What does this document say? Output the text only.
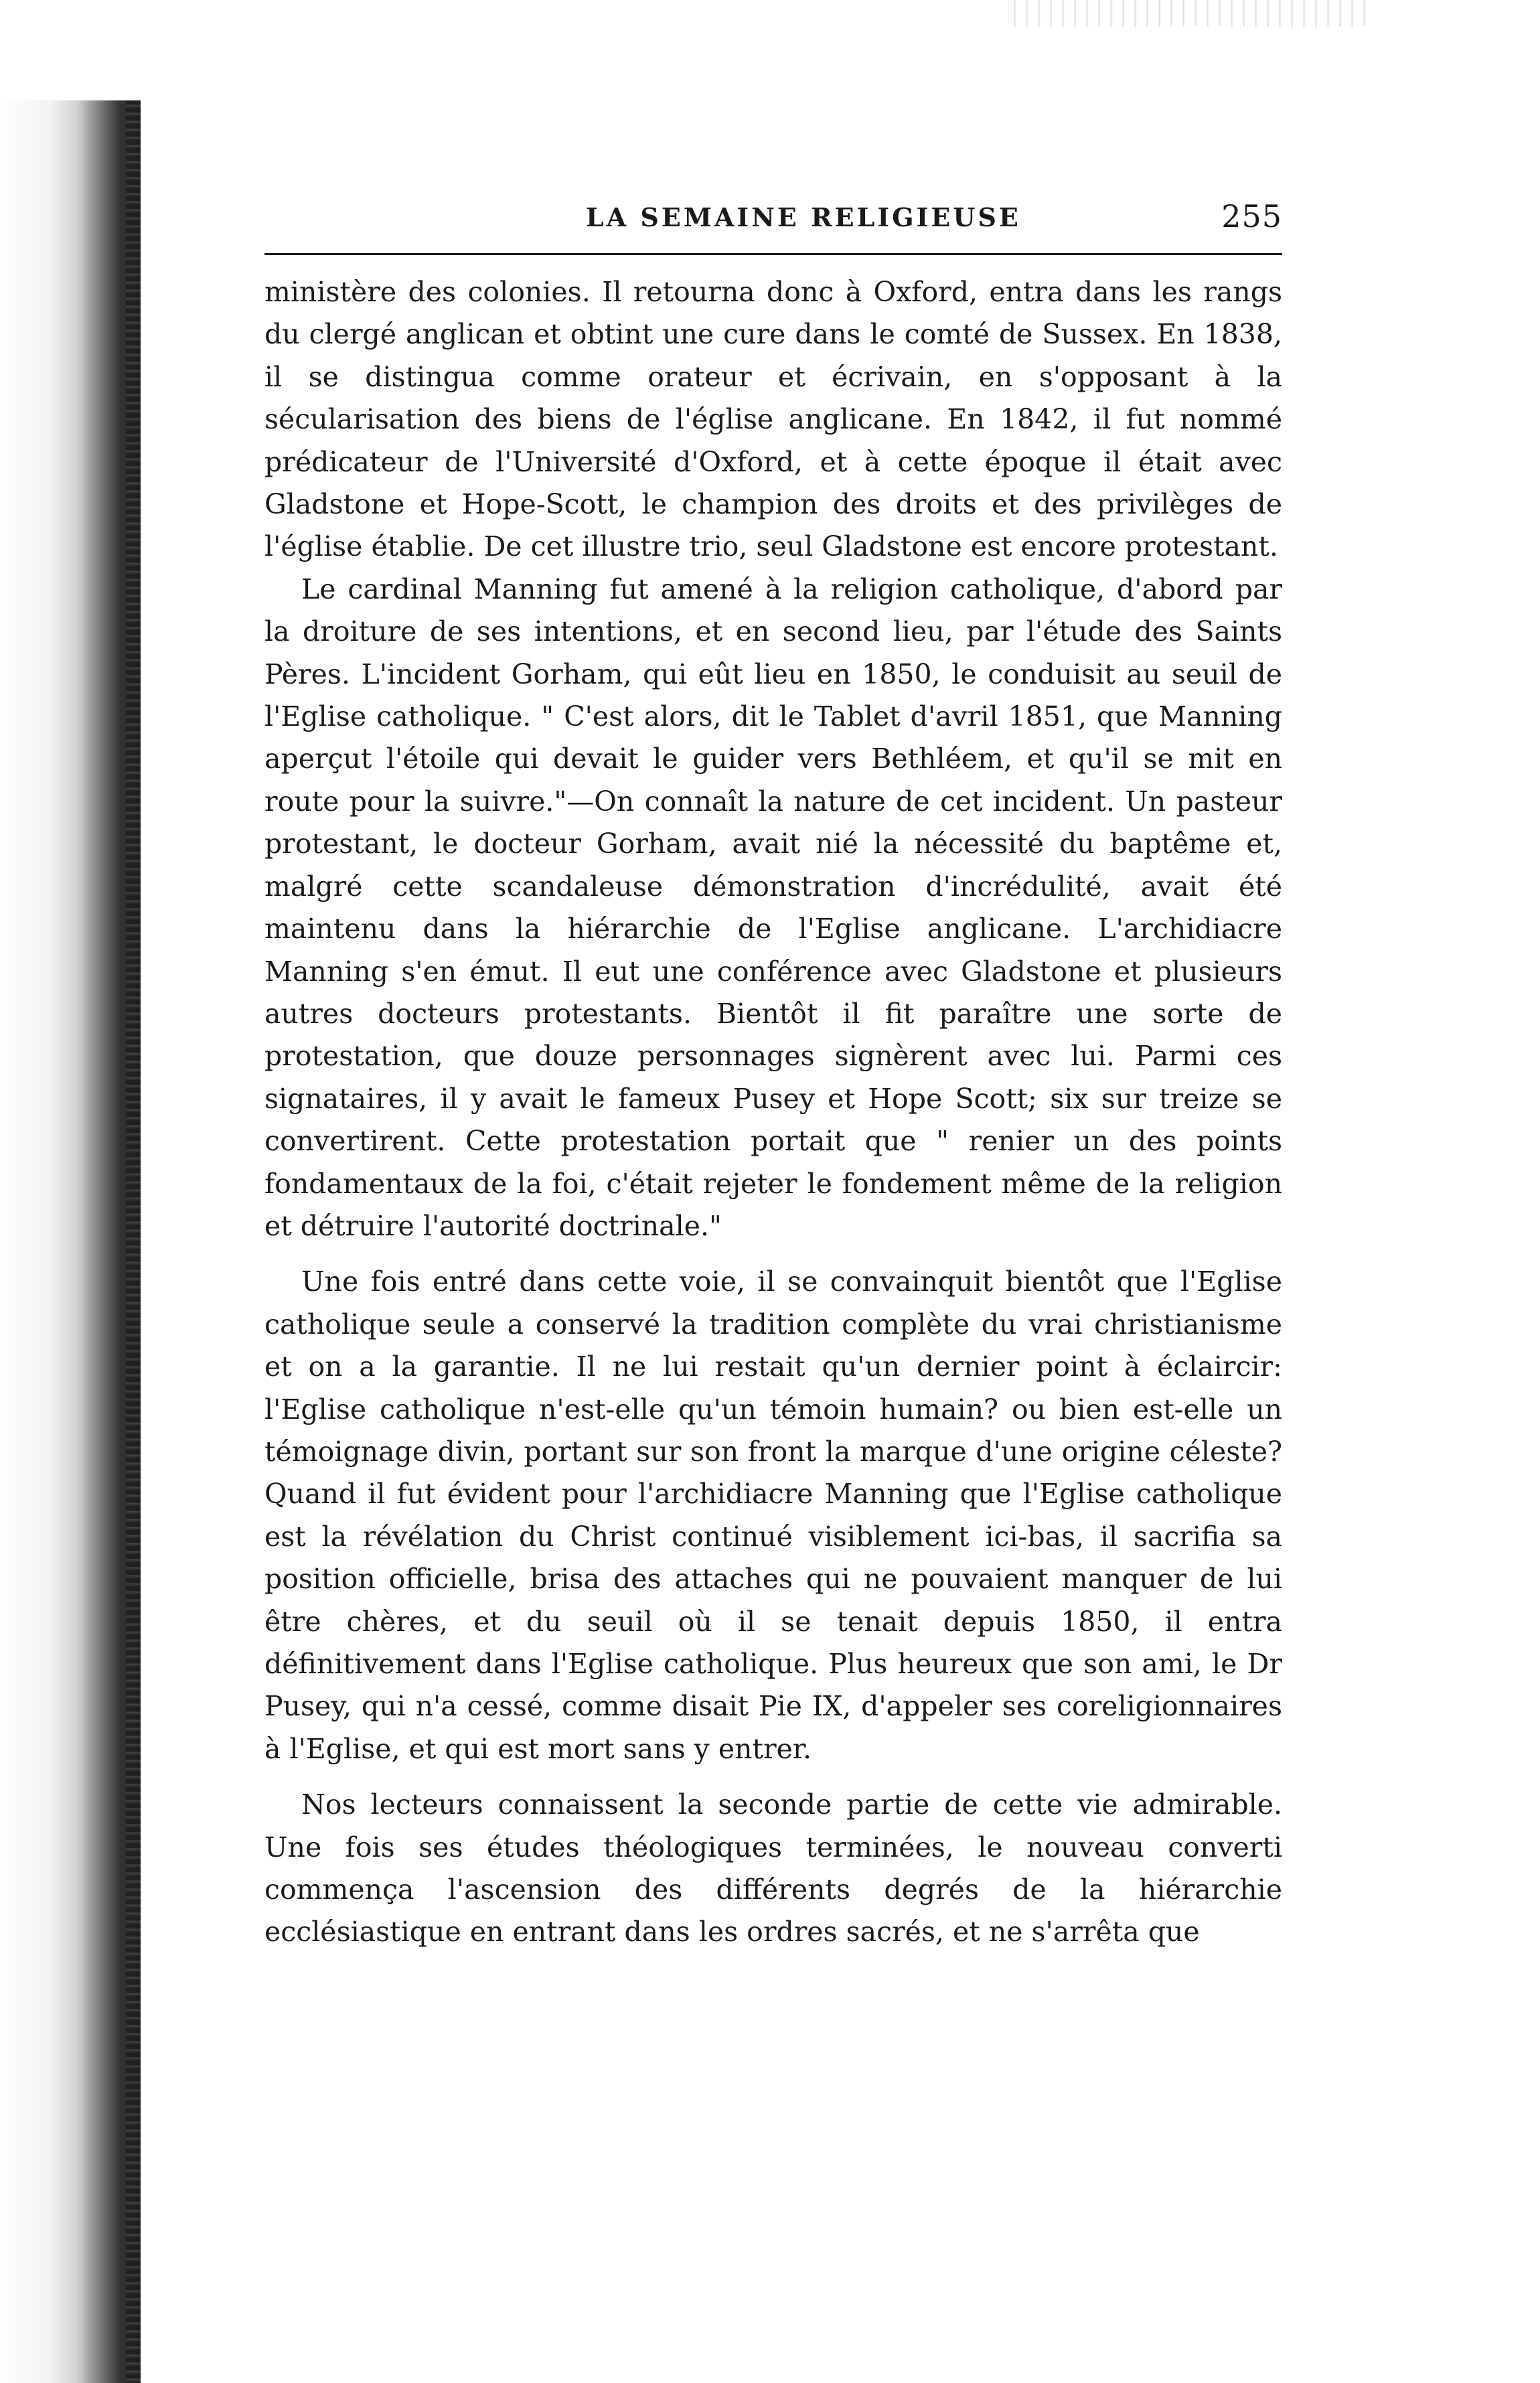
LA SEMAINE RELIGIEUSE	255

ministère des colonies. Il retourna donc à Oxford, entra dans les rangs du clergé anglican et obtint une cure dans le comté de Sussex. En 1838, il se distingua comme orateur et écrivain, en s'opposant à la sécularisation des biens de l'église anglicane. En 1842, il fut nommé prédicateur de l'Université d'Oxford, et à cette époque il était avec Gladstone et Hope-Scott, le champion des droits et des privilèges de l'église établie. De cet illustre trio, seul Gladstone est encore protestant.

Le cardinal Manning fut amené à la religion catholique, d'abord par la droiture de ses intentions, et en second lieu, par l'étude des Saints Pères. L'incident Gorham, qui eût lieu en 1850, le conduisit au seuil de l'Eglise catholique. " C'est alors, dit le Tablet d'avril 1851, que Manning aperçut l'étoile qui devait le guider vers Bethléem, et qu'il se mit en route pour la suivre."—On connaît la nature de cet incident. Un pasteur protestant, le docteur Gorham, avait nié la nécessité du baptême et, malgré cette scandaleuse démonstration d'incrédulité, avait été maintenu dans la hiérarchie de l'Eglise anglicane. L'archidiacre Manning s'en émut. Il eut une conférence avec Gladstone et plusieurs autres docteurs protestants. Bientôt il fit paraître une sorte de protestation, que douze personnages signèrent avec lui. Parmi ces signataires, il y avait le fameux Pusey et Hope Scott; six sur treize se convertirent. Cette protestation portait que " renier un des points fondamentaux de la foi, c'était rejeter le fondement même de la religion et détruire l'autorité doctrinale."

Une fois entré dans cette voie, il se convainquit bientôt que l'Eglise catholique seule a conservé la tradition complète du vrai christianisme et on a la garantie. Il ne lui restait qu'un dernier point à éclaircir: l'Eglise catholique n'est-elle qu'un témoin humain? ou bien est-elle un témoignage divin, portant sur son front la marque d'une origine céleste? Quand il fut évident pour l'archidiacre Manning que l'Eglise catholique est la révélation du Christ continué visiblement ici-bas, il sacrifia sa position officielle, brisa des attaches qui ne pouvaient manquer de lui être chères, et du seuil où il se tenait depuis 1850, il entra définitivement dans l'Eglise catholique. Plus heureux que son ami, le Dr Pusey, qui n'a cessé, comme disait Pie IX, d'appeler ses coreligionnaires à l'Eglise, et qui est mort sans y entrer.

Nos lecteurs connaissent la seconde partie de cette vie admirable. Une fois ses études théologiques terminées, le nouveau converti commença l'ascension des différents degrés de la hiérarchie ecclésiastique en entrant dans les ordres sacrés, et ne s'arrêta que
